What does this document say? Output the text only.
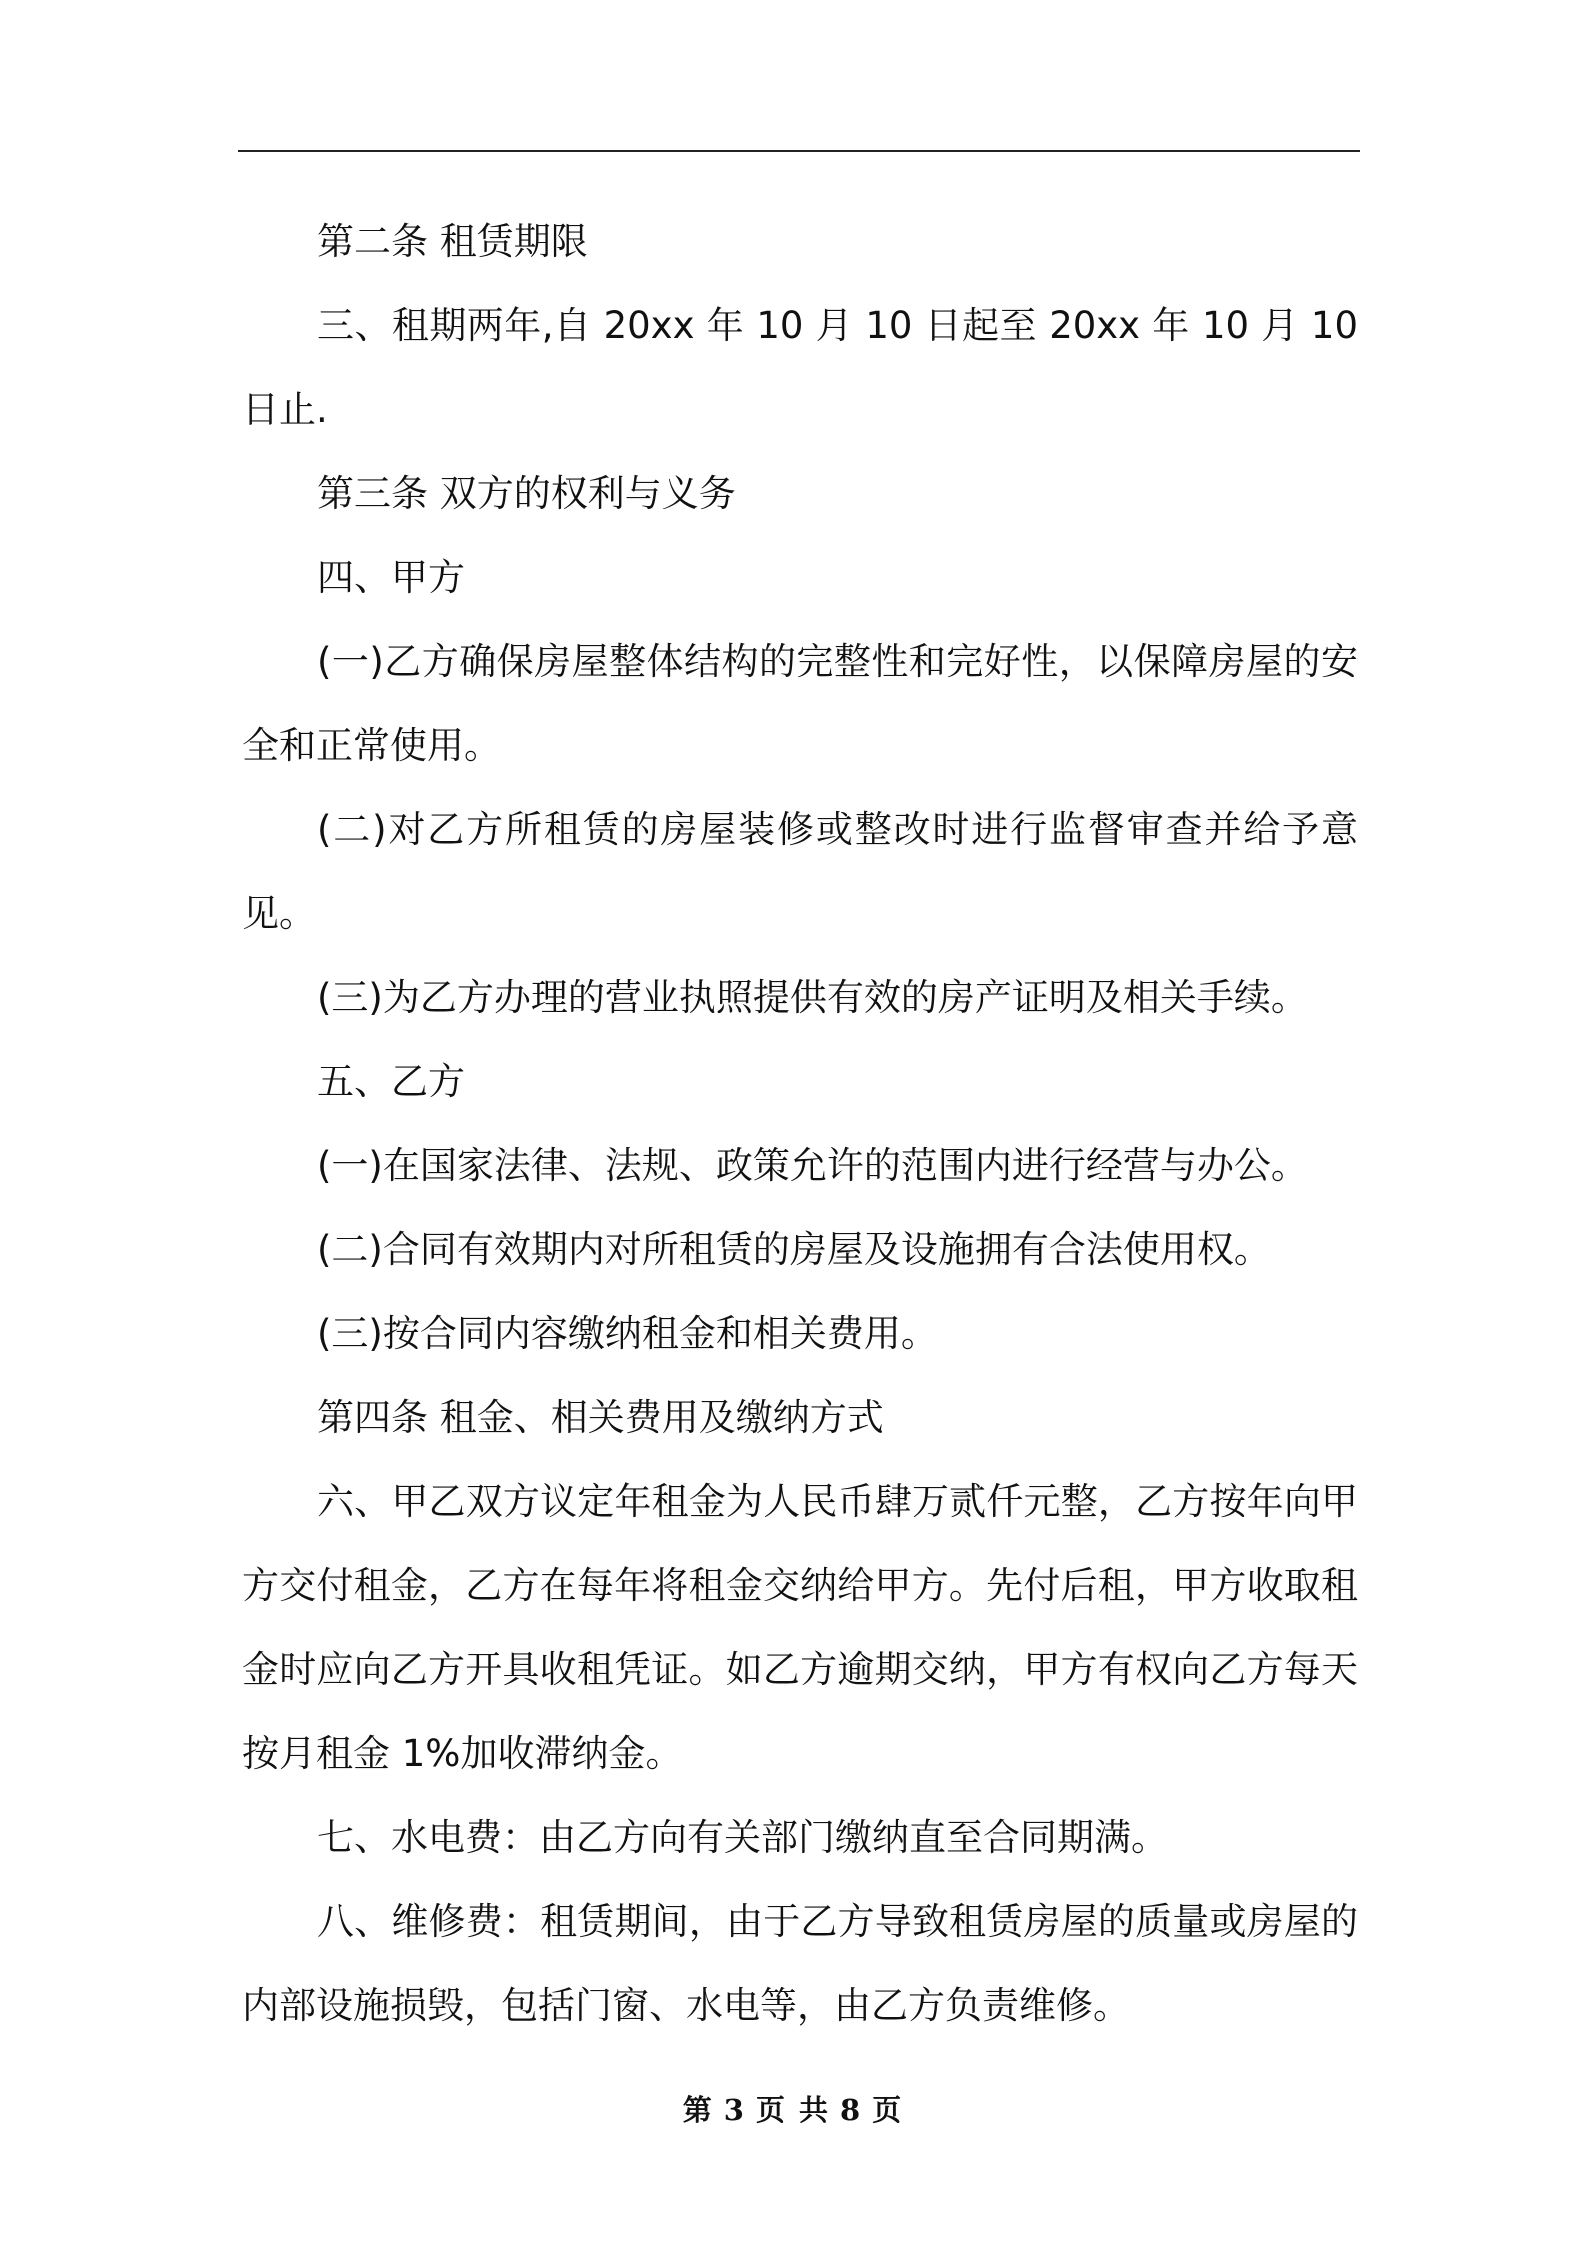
第二条 租赁期限

三、租期两年,自 20xx 年 10 月 10 日起至 20xx 年 10 月 10 日止.

第三条 双方的权利与义务

四、甲方

(一)乙方确保房屋整体结构的完整性和完好性，以保障房屋的安全和正常使用。

(二)对乙方所租赁的房屋装修或整改时进行监督审查并给予意见。

(三)为乙方办理的营业执照提供有效的房产证明及相关手续。

五、乙方

(一)在国家法律、法规、政策允许的范围内进行经营与办公。

(二)合同有效期内对所租赁的房屋及设施拥有合法使用权。

(三)按合同内容缴纳租金和相关费用。

第四条 租金、相关费用及缴纳方式

六、甲乙双方议定年租金为人民币肆万贰仟元整，乙方按年向甲方交付租金，乙方在每年将租金交纳给甲方。先付后租，甲方收取租金时应向乙方开具收租凭证。如乙方逾期交纳，甲方有权向乙方每天按月租金 1%加收滞纳金。

七、水电费：由乙方向有关部门缴纳直至合同期满。

八、维修费：租赁期间，由于乙方导致租赁房屋的质量或房屋的内部设施损毁，包括门窗、水电等，由乙方负责维修。

第 3 页 共 8 页
